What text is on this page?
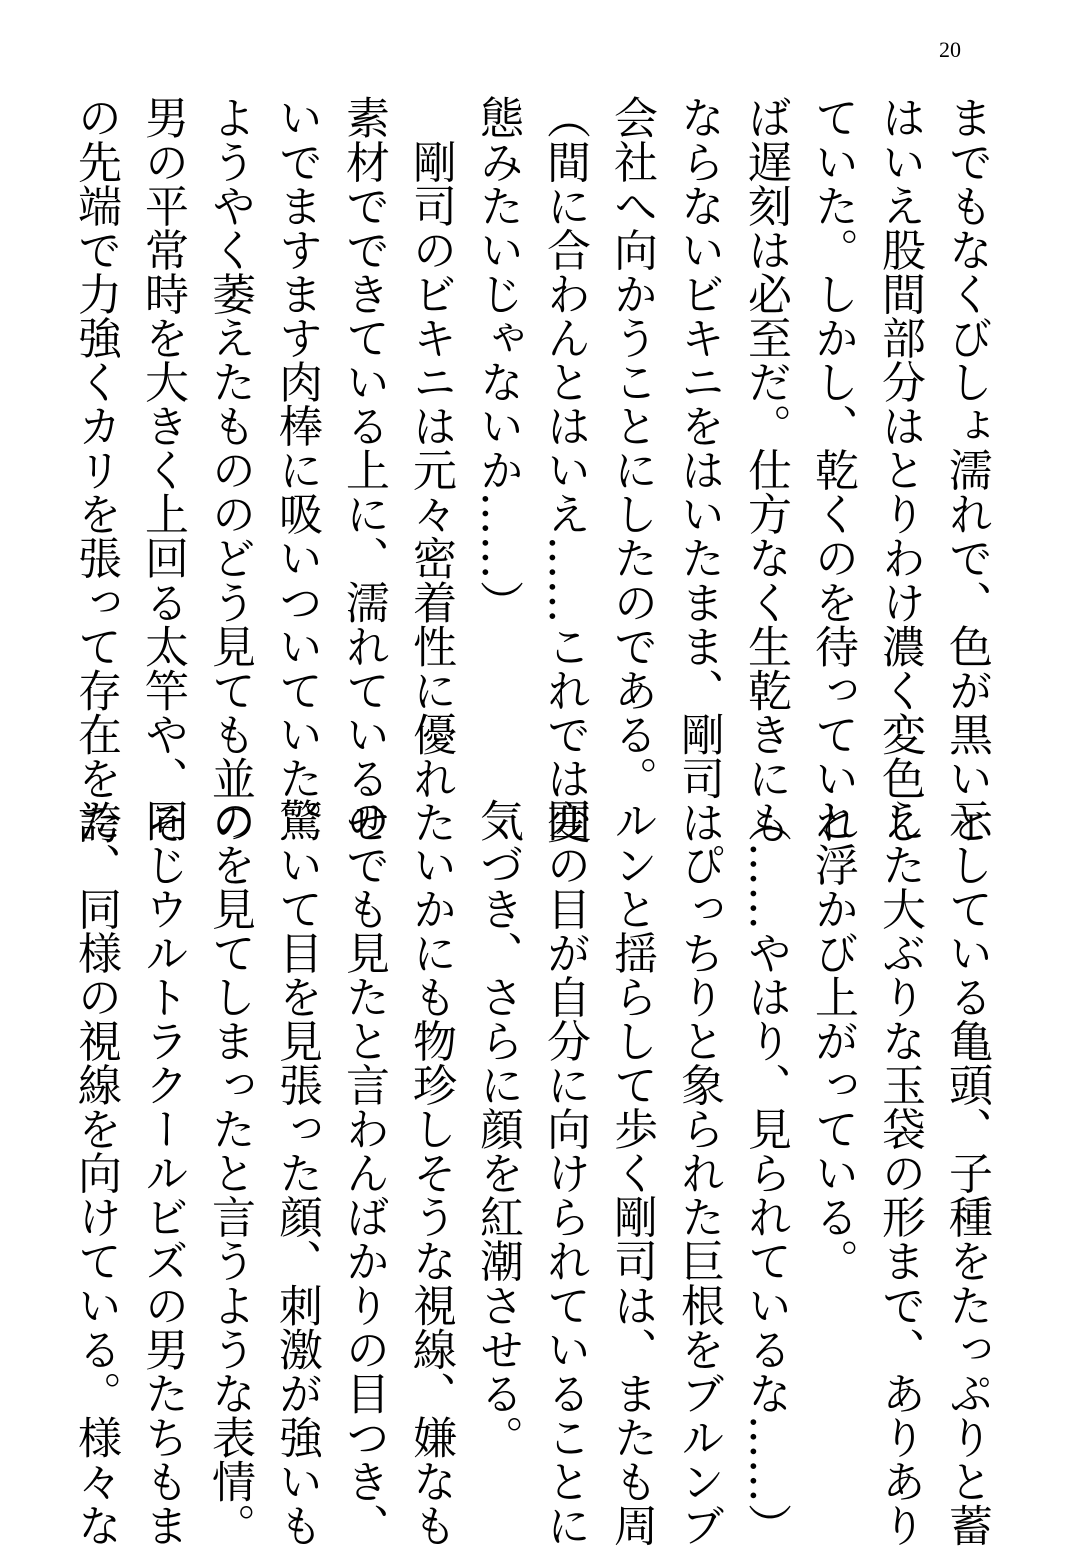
20
までもなくびしょ濡れで、色が黒いと
はいえ股間部分はとりわけ濃く変色し
ていた。しかし、乾くのを待っていれ
ば遅刻は必至だ。仕方なく生乾きにも
ならないビキニをはいたまま、剛司は
会社へ向かうことにしたのである。
（間に合わんとはいえ……これでは変
態みたいじゃないか……）
　剛司のビキニは元々密着性に優れた
素材でできている上に、濡れているせ
いでますます肉棒に吸いついていた。
ようやく萎えたもののどう見ても並の
男の平常時を大きく上回る太竿や、そ
の先端で力強くカリを張って存在を誇
示している亀頭、子種をたっぷりと蓄
えた大ぶりな玉袋の形まで、ありあり
と浮かび上がっている。
（……やはり、見られているな……）
　ぴっちりと象られた巨根をブルンブ
ルンと揺らして歩く剛司は、またも周
囲の目が自分に向けられていることに
気づき、さらに顔を紅潮させる。
　いかにも物珍しそうな視線、嫌なも
のでも見たと言わんばかりの目つき、
驚いて目を見張った顔、刺激が強いも
のを見てしまったと言うような表情。
同じウルトラクールビズの男たちもま
た、同様の視線を向けている。様々な
